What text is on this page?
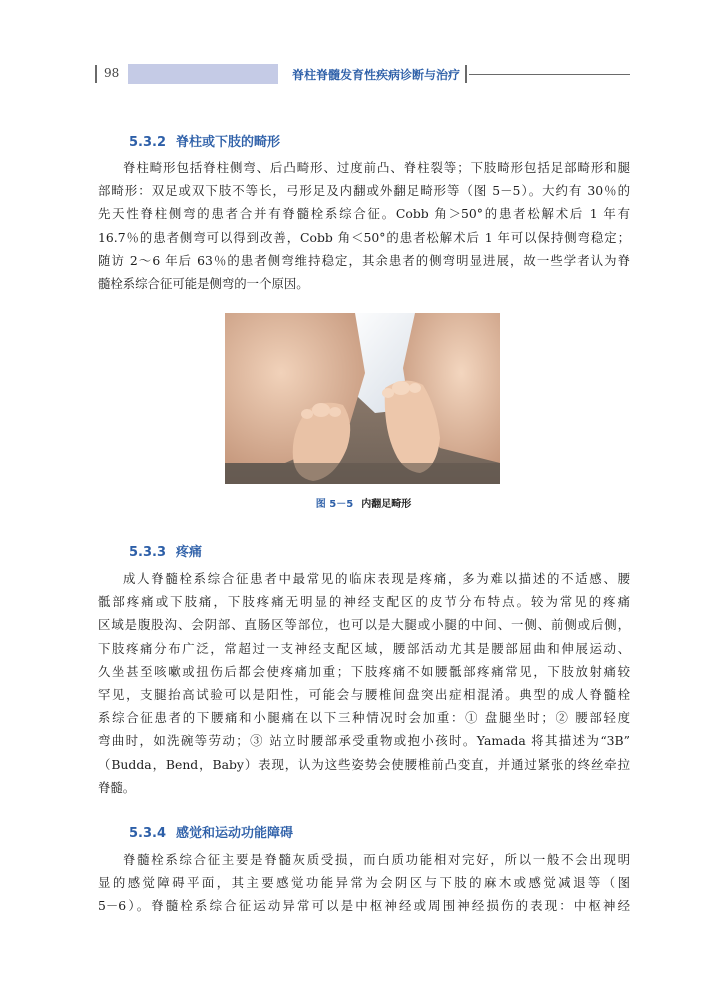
98	脊柱脊髓发育性疾病诊断与治疗
5.3.2 脊柱或下肢的畸形
脊柱畸形包括脊柱侧弯、后凸畸形、过度前凸、脊柱裂等；下肢畸形包括足部畸形和腿
部畸形：双足或双下肢不等长，弓形足及内翻或外翻足畸形等（图 5－5）。大约有 30％的
先天性脊柱侧弯的患者合并有脊髓栓系综合征。Cobb 角＞50°的患者松解术后 1 年有
16.7％的患者侧弯可以得到改善，Cobb 角＜50°的患者松解术后 1 年可以保持侧弯稳定；
随访 2～6 年后 63％的患者侧弯维持稳定，其余患者的侧弯明显进展，故一些学者认为脊
髓栓系综合征可能是侧弯的一个原因。
图 5－5 内翻足畸形
5.3.3 疼痛
成人脊髓栓系综合征患者中最常见的临床表现是疼痛，多为难以描述的不适感、腰
骶部疼痛或下肢痛，下肢疼痛无明显的神经支配区的皮节分布特点。较为常见的疼痛
区域是腹股沟、会阴部、直肠区等部位，也可以是大腿或小腿的中间、一侧、前侧或后侧，
下肢疼痛分布广泛，常超过一支神经支配区域，腰部活动尤其是腰部屈曲和伸展运动、
久坐甚至咳嗽或扭伤后都会使疼痛加重；下肢疼痛不如腰骶部疼痛常见，下肢放射痛较
罕见，支腿抬高试验可以是阳性，可能会与腰椎间盘突出症相混淆。典型的成人脊髓栓
系综合征患者的下腰痛和小腿痛在以下三种情况时会加重：① 盘腿坐时；② 腰部轻度
弯曲时，如洗碗等劳动；③ 站立时腰部承受重物或抱小孩时。Yamada 将其描述为“3B”
（Budda，Bend，Baby）表现，认为这些姿势会使腰椎前凸变直，并通过紧张的终丝牵拉
脊髓。
5.3.4 感觉和运动功能障碍
脊髓栓系综合征主要是脊髓灰质受损，而白质功能相对完好，所以一般不会出现明
显的感觉障碍平面，其主要感觉功能异常为会阴区与下肢的麻木或感觉减退等（图
5－6）。脊髓栓系综合征运动异常可以是中枢神经或周围神经损伤的表现：中枢神经
